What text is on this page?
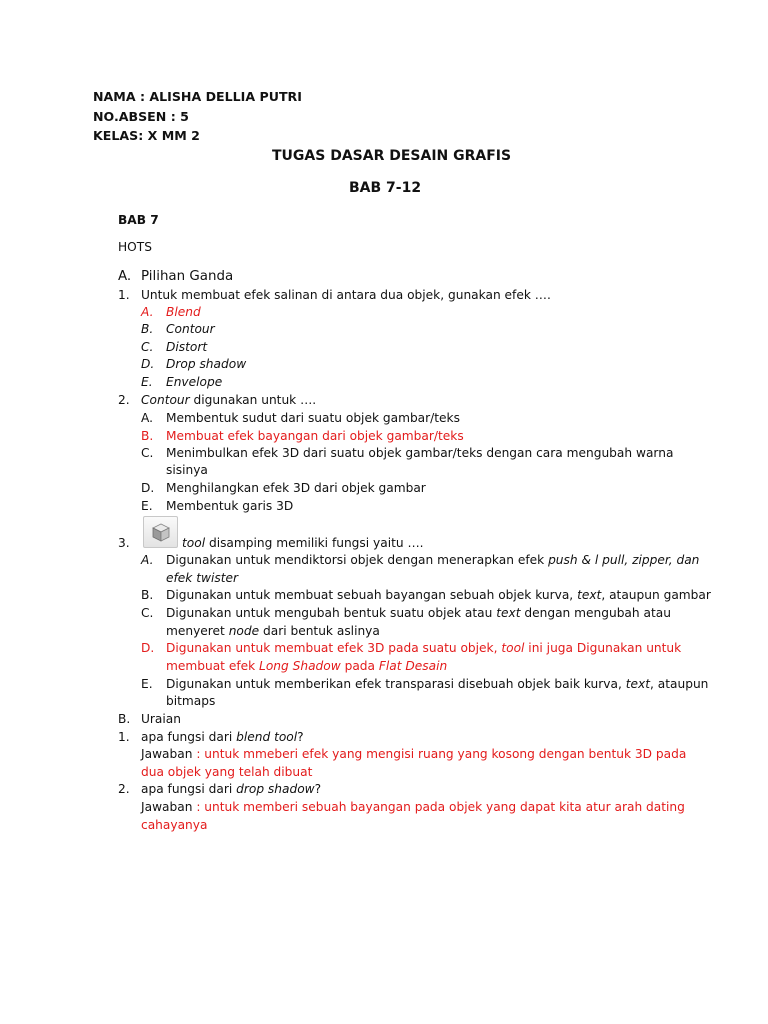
NAMA : ALISHA DELLIA PUTRI
NO.ABSEN : 5
KELAS: X MM 2
TUGAS DASAR DESAIN GRAFIS
BAB 7-12
BAB 7
HOTS
A. Pilihan Ganda
1. Untuk membuat efek salinan di antara dua objek, gunakan efek ….
A. Blend
B. Contour
C. Distort
D. Drop shadow
E. Envelope
2. Contour digunakan untuk ….
A. Membentuk sudut dari suatu objek gambar/teks
B. Membuat efek bayangan dari objek gambar/teks
C. Menimbulkan efek 3D dari suatu objek gambar/teks dengan cara mengubah warna
sisinya
D. Menghilangkan efek 3D dari objek gambar
E. Membentuk garis 3D
3.	tool disamping memiliki fungsi yaitu ….
A. Digunakan untuk mendiktorsi objek dengan menerapkan efek push & l pull, zipper, dan
efek twister
B. Digunakan untuk membuat sebuah bayangan sebuah objek kurva, text, ataupun gambar
C. Digunakan untuk mengubah bentuk suatu objek atau text dengan mengubah atau
menyeret node dari bentuk aslinya
D. Digunakan untuk membuat efek 3D pada suatu objek, tool ini juga Digunakan untuk
membuat efek Long Shadow pada Flat Desain
E. Digunakan untuk memberikan efek transparasi disebuah objek baik kurva, text, ataupun
bitmaps
B. Uraian
1. apa fungsi dari blend tool?
Jawaban : untuk mmeberi efek yang mengisi ruang yang kosong dengan bentuk 3D pada
dua objek yang telah dibuat
2. apa fungsi dari drop shadow?
Jawaban : untuk memberi sebuah bayangan pada objek yang dapat kita atur arah dating
cahayanya
